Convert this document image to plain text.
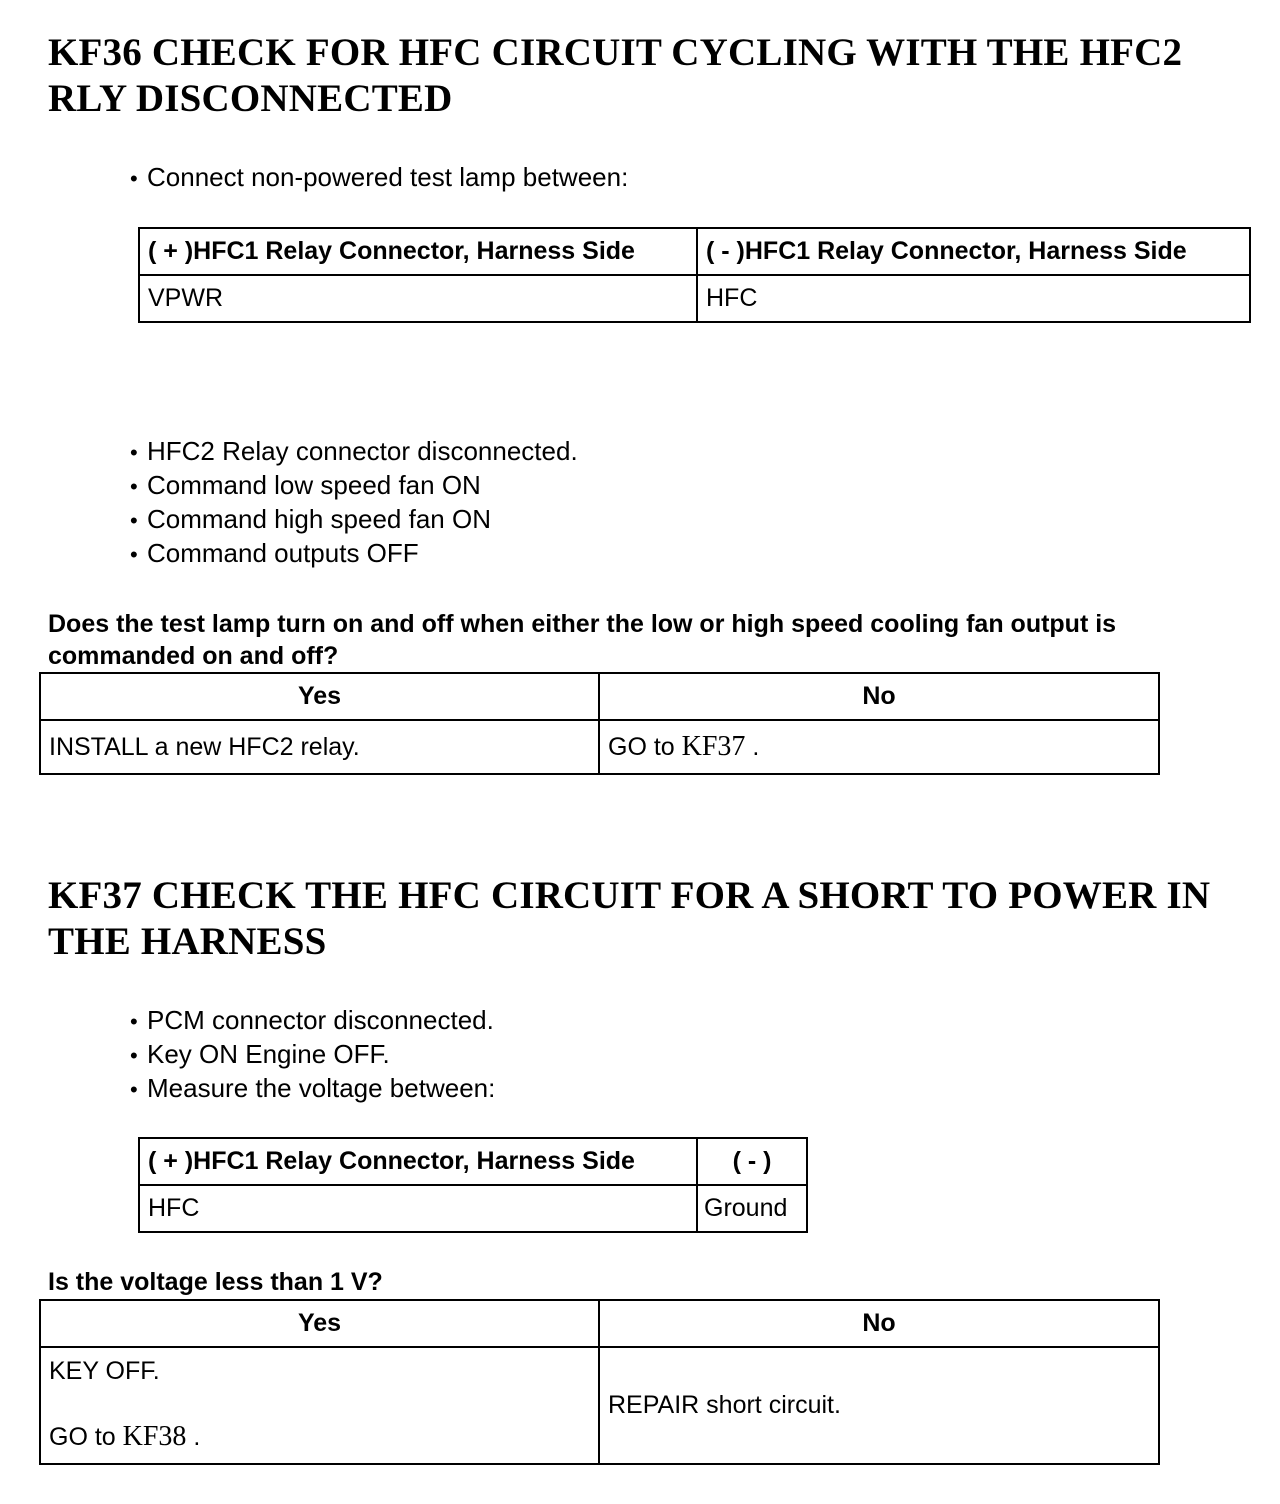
KF36 CHECK FOR HFC CIRCUIT CYCLING WITH THE HFC2 RLY DISCONNECTED
• Connect non-powered test lamp between:
( + )HFC1 Relay Connector, Harness Side	( - )HFC1 Relay Connector, Harness Side
VPWR	HFC
• HFC2 Relay connector disconnected.
• Command low speed fan ON
• Command high speed fan ON
• Command outputs OFF

Does the test lamp turn on and off when either the low or high speed cooling fan output is commanded on and off?

Yes	No
INSTALL a new HFC2 relay.	GO to KF37 .
KF37 CHECK THE HFC CIRCUIT FOR A SHORT TO POWER IN THE HARNESS
• PCM connector disconnected.
• Key ON Engine OFF.
• Measure the voltage between:
( + )HFC1 Relay Connector, Harness Side	( - )
HFC	Ground

Is the voltage less than 1 V?

Yes	No

KEY OFF.
GO to KF38 .	REPAIR short circuit.
